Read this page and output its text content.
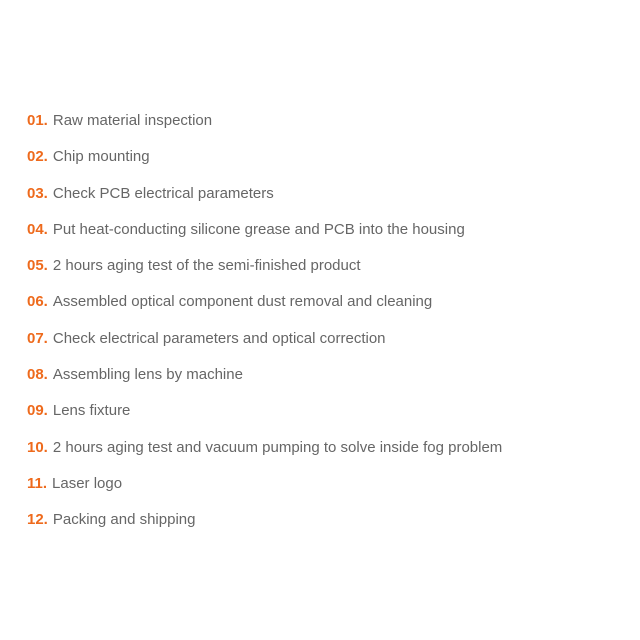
01. Raw material inspection
02. Chip mounting
03. Check PCB electrical parameters
04. Put heat-conducting silicone grease and PCB into the housing
05. 2 hours aging test of the semi-finished product
06. Assembled optical component dust removal and cleaning
07. Check electrical parameters and optical correction
08. Assembling lens by machine
09. Lens fixture
10. 2 hours aging test and vacuum pumping to solve inside fog problem
11. Laser logo
12. Packing and shipping
